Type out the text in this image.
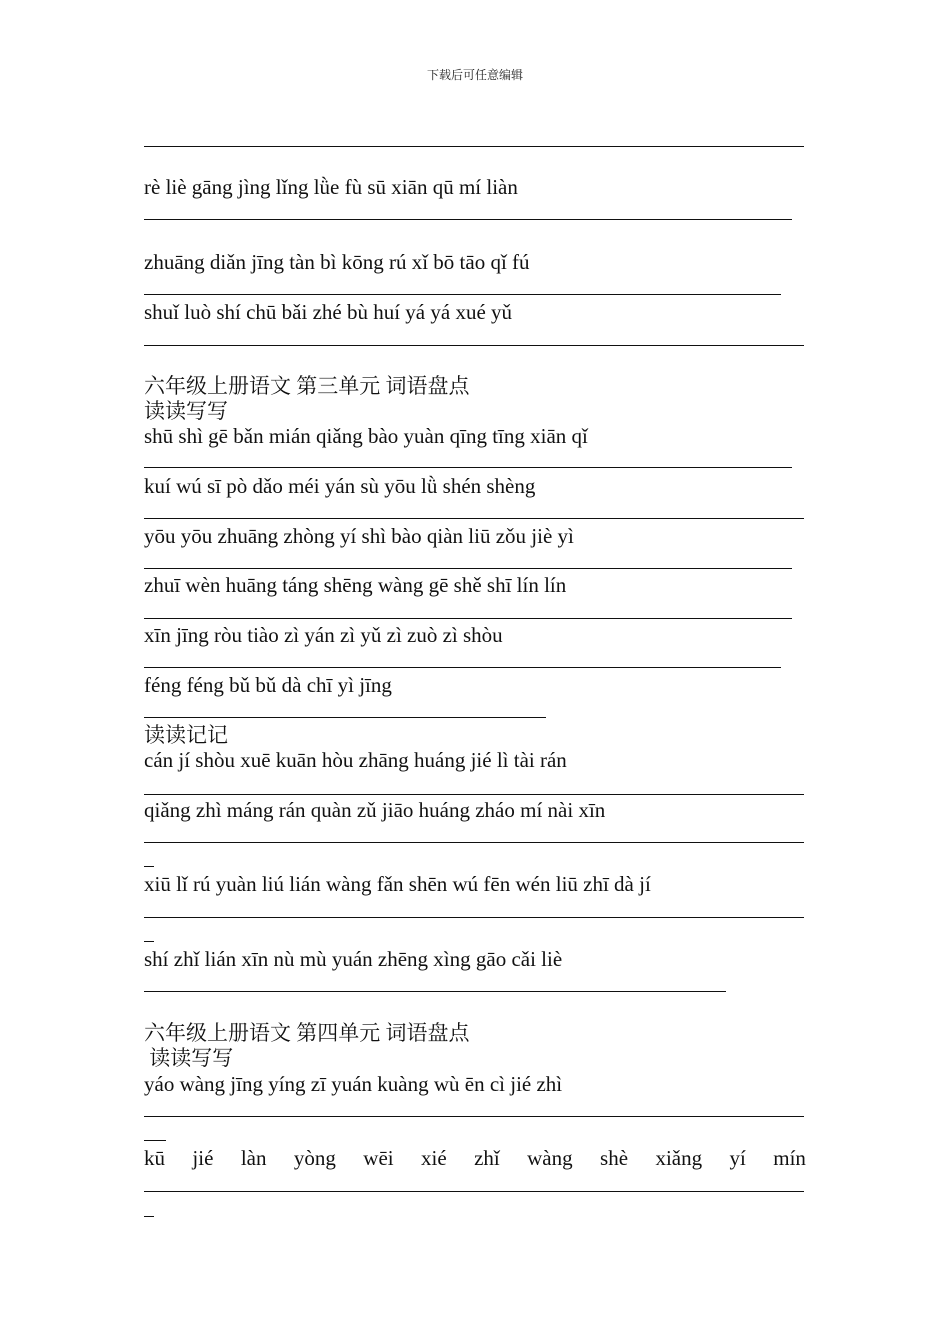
下载后可任意编辑
rè liè gāng jìng lǐng lǜe fù sū xiān qū mí liàn
zhuāng diǎn jīng tàn bì kōng rú xǐ bō tāo qǐ fú
shuǐ luò shí chū bǎi zhé bù huí yá yá xué yǔ
六年级上册语文 第三单元 词语盘点
读读写写
shū shì gē bǎn mián qiǎng bào yuàn qīng tīng xiān qǐ
kuí wú sī pò dǎo méi yán sù yōu lǜ shén shèng
yōu yōu zhuāng zhòng yí shì bào qiàn liū zǒu jiè yì
zhuī wèn huāng táng shēng wàng gē shě shī lín lín
xīn jīng ròu tiào zì yán zì yǔ zì zuò zì shòu
féng féng bǔ bǔ dà chī yì jīng
读读记记
cán jí shòu xuē kuān hòu zhāng huáng jié lì tài rán
qiǎng zhì máng rán quàn zǔ jiāo huáng zháo mí nài xīn
xiū lǐ rú yuàn liú lián wàng fǎn shēn wú fēn wén liū zhī dà jí
shí zhǐ lián xīn nù mù yuán zhēng xìng gāo cǎi liè
六年级上册语文 第四单元 词语盘点
读读写写
yáo wàng jīng yíng zī yuán kuàng wù ēn cì jié zhì
kū jié làn yòng wēi xié zhǐ wàng shè xiǎng yí mín
